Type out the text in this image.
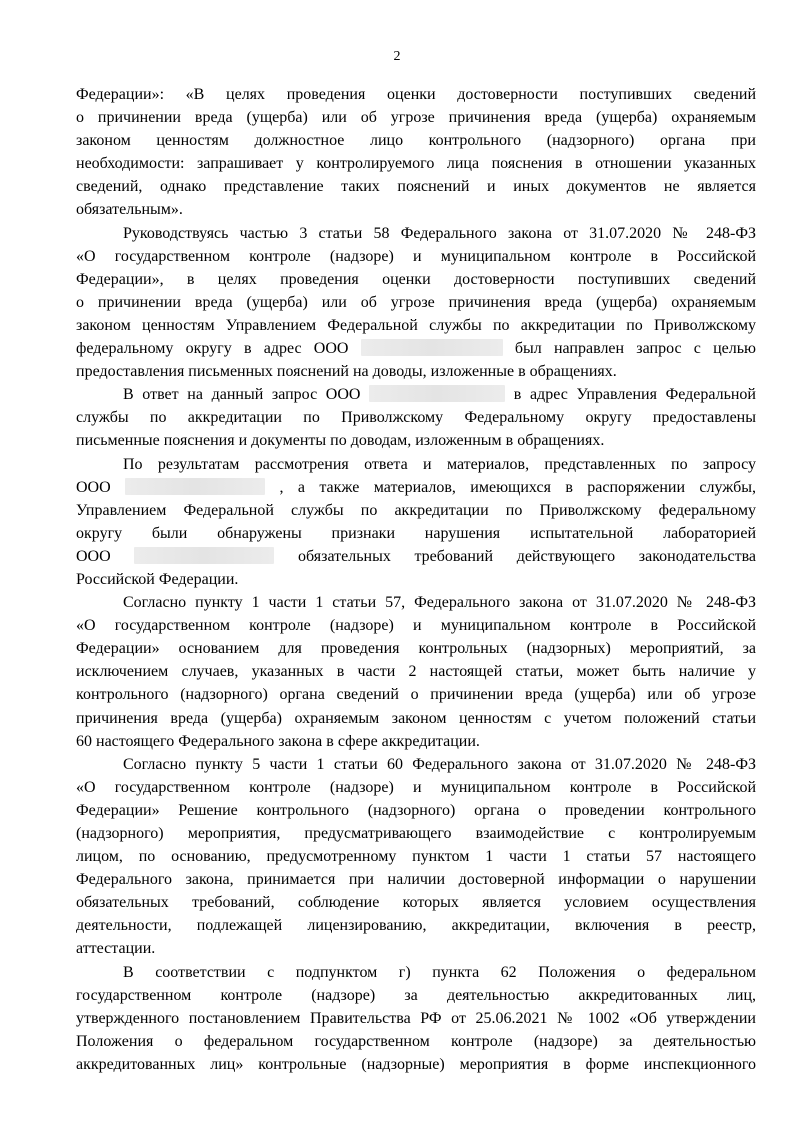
2
Федерации»: «В целях проведения оценки достоверности поступивших сведений
о причинении вреда (ущерба) или об угрозе причинения вреда (ущерба) охраняемым
законом ценностям должностное лицо контрольного (надзорного) органа при
необходимости: запрашивает у контролируемого лица пояснения в отношении указанных
сведений, однако представление таких пояснений и иных документов не является
обязательным».
Руководствуясь частью 3 статьи 58 Федерального закона от 31.07.2020 № 248-ФЗ
«О государственном контроле (надзоре) и муниципальном контроле в Российской
Федерации», в целях проведения оценки достоверности поступивших сведений
о причинении вреда (ущерба) или об угрозе причинения вреда (ущерба) охраняемым
законом ценностям Управлением Федеральной службы по аккредитации по Приволжскому
федеральному округу в адрес ООО	был направлен запрос с целью
предоставления письменных пояснений на доводы, изложенные в обращениях.
В ответ на данный запрос ООО	в адрес Управления Федеральной
службы по аккредитации по Приволжскому Федеральному округу предоставлены
письменные пояснения и документы по доводам, изложенным в обращениях.
По результатам рассмотрения ответа и материалов, представленных по запросу
ООО	, а также материалов, имеющихся в распоряжении службы,
Управлением Федеральной службы по аккредитации по Приволжскому федеральному
округу были обнаружены признаки нарушения испытательной лабораторией
ООО	обязательных требований действующего законодательства
Российской Федерации.
Согласно пункту 1 части 1 статьи 57, Федерального закона от 31.07.2020 № 248-ФЗ
«О государственном контроле (надзоре) и муниципальном контроле в Российской
Федерации» основанием для проведения контрольных (надзорных) мероприятий, за
исключением случаев, указанных в части 2 настоящей статьи, может быть наличие у
контрольного (надзорного) органа сведений о причинении вреда (ущерба) или об угрозе
причинения вреда (ущерба) охраняемым законом ценностям с учетом положений статьи
60 настоящего Федерального закона в сфере аккредитации.
Согласно пункту 5 части 1 статьи 60 Федерального закона от 31.07.2020 № 248-ФЗ
«О государственном контроле (надзоре) и муниципальном контроле в Российской
Федерации» Решение контрольного (надзорного) органа о проведении контрольного
(надзорного) мероприятия, предусматривающего взаимодействие с контролируемым
лицом, по основанию, предусмотренному пунктом 1 части 1 статьи 57 настоящего
Федерального закона, принимается при наличии достоверной информации о нарушении
обязательных требований, соблюдение которых является условием осуществления
деятельности, подлежащей лицензированию, аккредитации, включения в реестр,
аттестации.
В соответствии с подпунктом г) пункта 62 Положения о федеральном
государственном контроле (надзоре) за деятельностью аккредитованных лиц,
утвержденного постановлением Правительства РФ от 25.06.2021 № 1002 «Об утверждении
Положения о федеральном государственном контроле (надзоре) за деятельностью
аккредитованных лиц» контрольные (надзорные) мероприятия в форме инспекционного
